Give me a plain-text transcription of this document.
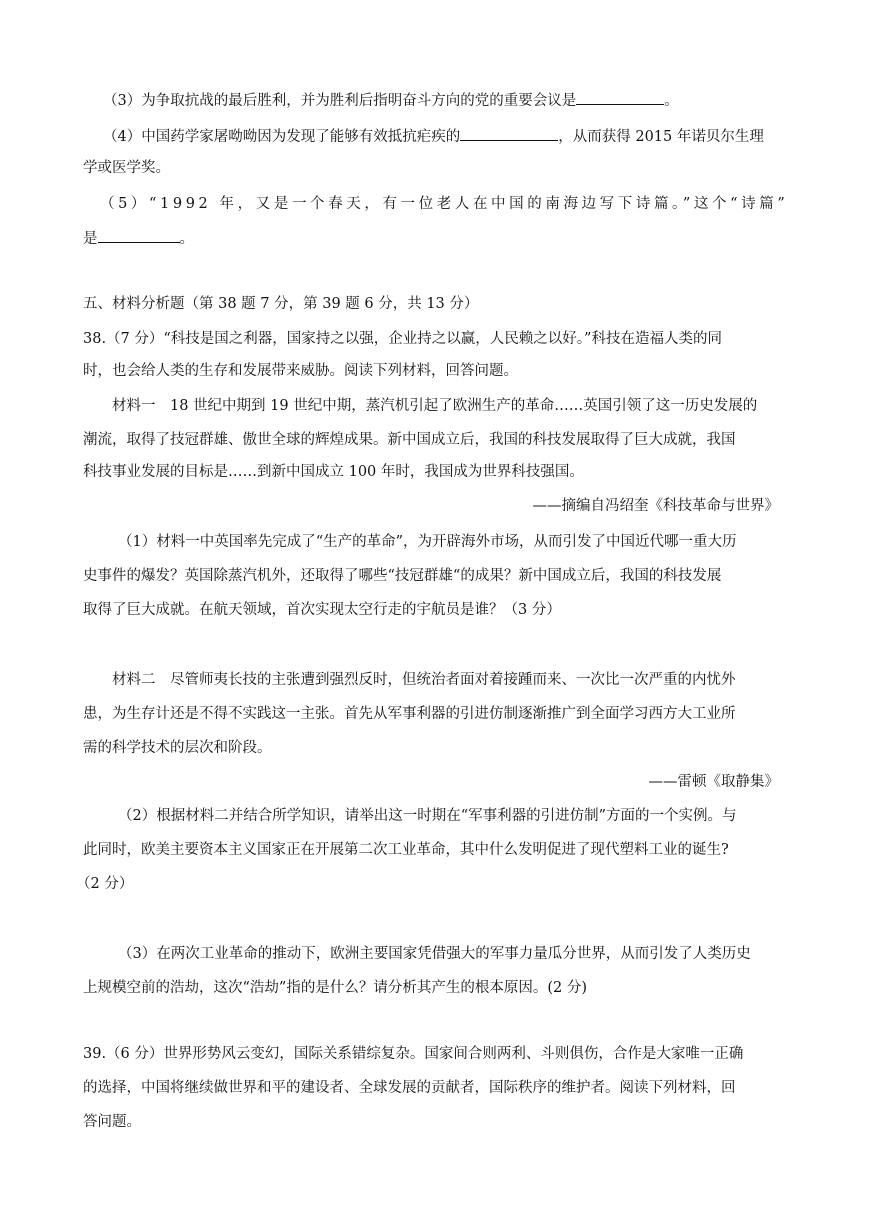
（3）为争取抗战的最后胜利，并为胜利后指明奋斗方向的党的重要会议是	。
（4）中国药学家屠呦呦因为发现了能够有效抵抗疟疾的	，从而获得 2015 年诺贝尔生理
学或医学奖。
（5）“1992 年，又是一个春天，有一位老人在中国的南海边写下诗篇。”这个“诗篇”
是	。
五、材料分析题（第 38 题 7 分，第 39 题 6 分，共 13 分）
38.（7 分）“科技是国之利器，国家持之以强，企业持之以赢，人民赖之以好。”科技在造福人类的同
时，也会给人类的生存和发展带来威胁。阅读下列材料，回答问题。
材料一　18 世纪中期到 19 世纪中期，蒸汽机引起了欧洲生产的革命……英国引领了这一历史发展的
潮流，取得了技冠群雄、傲世全球的辉煌成果。新中国成立后，我国的科技发展取得了巨大成就，我国
科技事业发展的目标是……到新中国成立 100 年时，我国成为世界科技强国。
——摘编自冯绍奎《科技革命与世界》
（1）材料一中英国率先完成了“生产的革命”，为开辟海外市场，从而引发了中国近代哪一重大历
史事件的爆发？英国除蒸汽机外，还取得了哪些“技冠群雄“的成果？新中国成立后，我国的科技发展
取得了巨大成就。在航天领域，首次实现太空行走的宇航员是谁？（3 分）
材料二　尽管师夷长技的主张遭到强烈反时，但统治者面对着接踵而来、一次比一次严重的内忧外
患，为生存计还是不得不实践这一主张。首先从军事利器的引进仿制逐渐推广到全面学习西方大工业所
需的科学技术的层次和阶段。
——雷顿《取静集》
（2）根据材料二并结合所学知识，请举出这一时期在“军事利器的引进仿制”方面的一个实例。与
此同时，欧美主要资本主义国家正在开展第二次工业革命，其中什么发明促进了现代塑料工业的诞生?
（2 分）
（3）在两次工业革命的推动下，欧洲主要国家凭借强大的军事力量瓜分世界，从而引发了人类历史
上规模空前的浩劫，这次“浩劫”指的是什么？请分析其产生的根本原因。(2 分)
39.（6 分）世界形势风云变幻，国际关系错综复杂。国家间合则两利、斗则俱伤，合作是大家唯一正确
的选择，中国将继续做世界和平的建设者、全球发展的贡献者，国际秩序的维护者。阅读下列材料，回
答问题。
